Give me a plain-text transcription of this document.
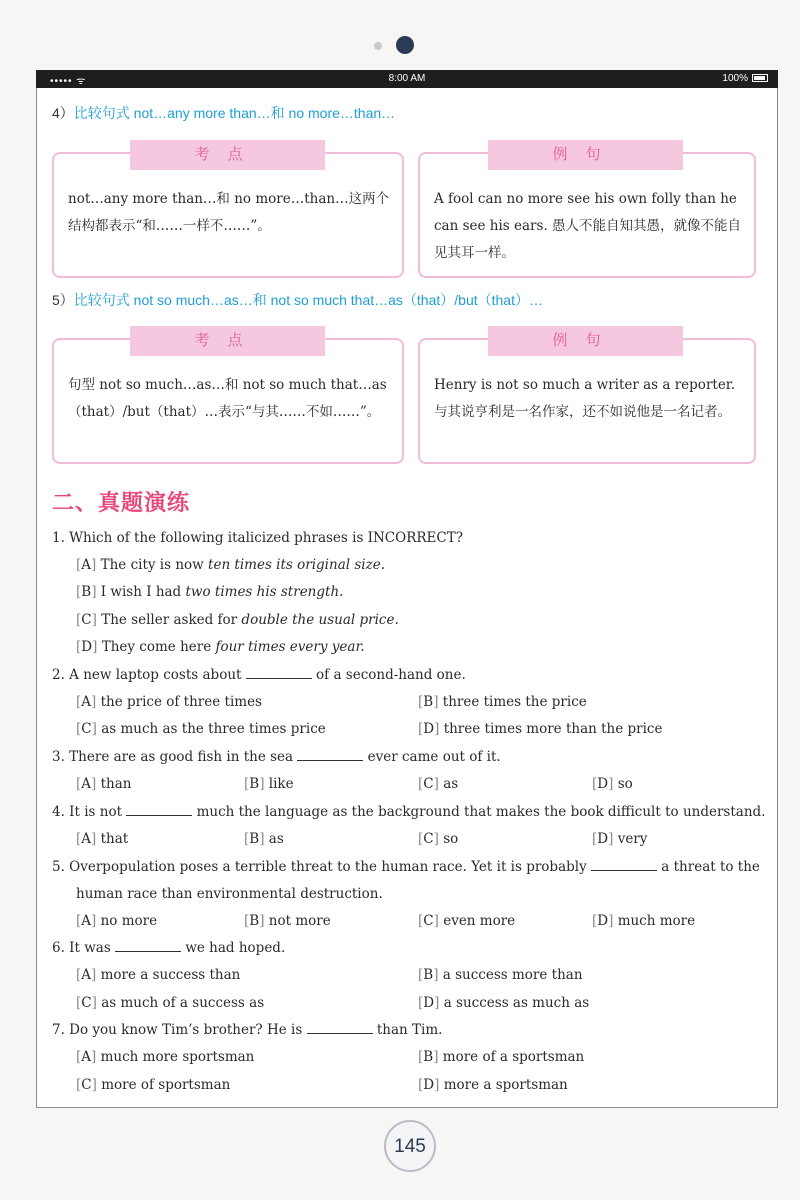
••••• ᯤ	8:00 AM	100%
4）比较句式 not…any more than…和 no more…than…
not…any more than…和 no more…than…这两个结构都表示“和……一样不……”。
考点
A fool can no more see his own folly than he can see his ears. 愚人不能自知其愚，就像不能自见其耳一样。
例句
5）比较句式 not so much…as…和 not so much that…as（that）/but（that）…
句型 not so much…as…和 not so much that…as（that）/but（that）…表示“与其……不如……”。
考点
Henry is not so much a writer as a reporter. 与其说亨利是一名作家，还不如说他是一名记者。
例句
二、真题演练
1. Which of the following italicized phrases is INCORRECT?
[A] The city is now ten times its original size.
[B] I wish I had two times his strength.
[C] The seller asked for double the usual price.
[D] They come here four times every year.
2. A new laptop costs about	of a second-hand one.
[A] the price of three times	[B] three times the price
[C] as much as the three times price	[D] three times more than the price
3. There are as good fish in the sea	ever came out of it.
[A] than	[B] like	[C] as	[D] so
4. It is not	much the language as the background that makes the book difficult to understand.
[A] that	[B] as	[C] so	[D] very
5. Overpopulation poses a terrible threat to the human race. Yet it is probably	a threat to the
human race than environmental destruction.
[A] no more	[B] not more	[C] even more	[D] much more
6. It was	we had hoped.
[A] more a success than	[B] a success more than
[C] as much of a success as	[D] a success as much as
7. Do you know Tim’s brother? He is	than Tim.
[A] much more sportsman	[B] more of a sportsman
[C] more of sportsman	[D] more a sportsman
145
